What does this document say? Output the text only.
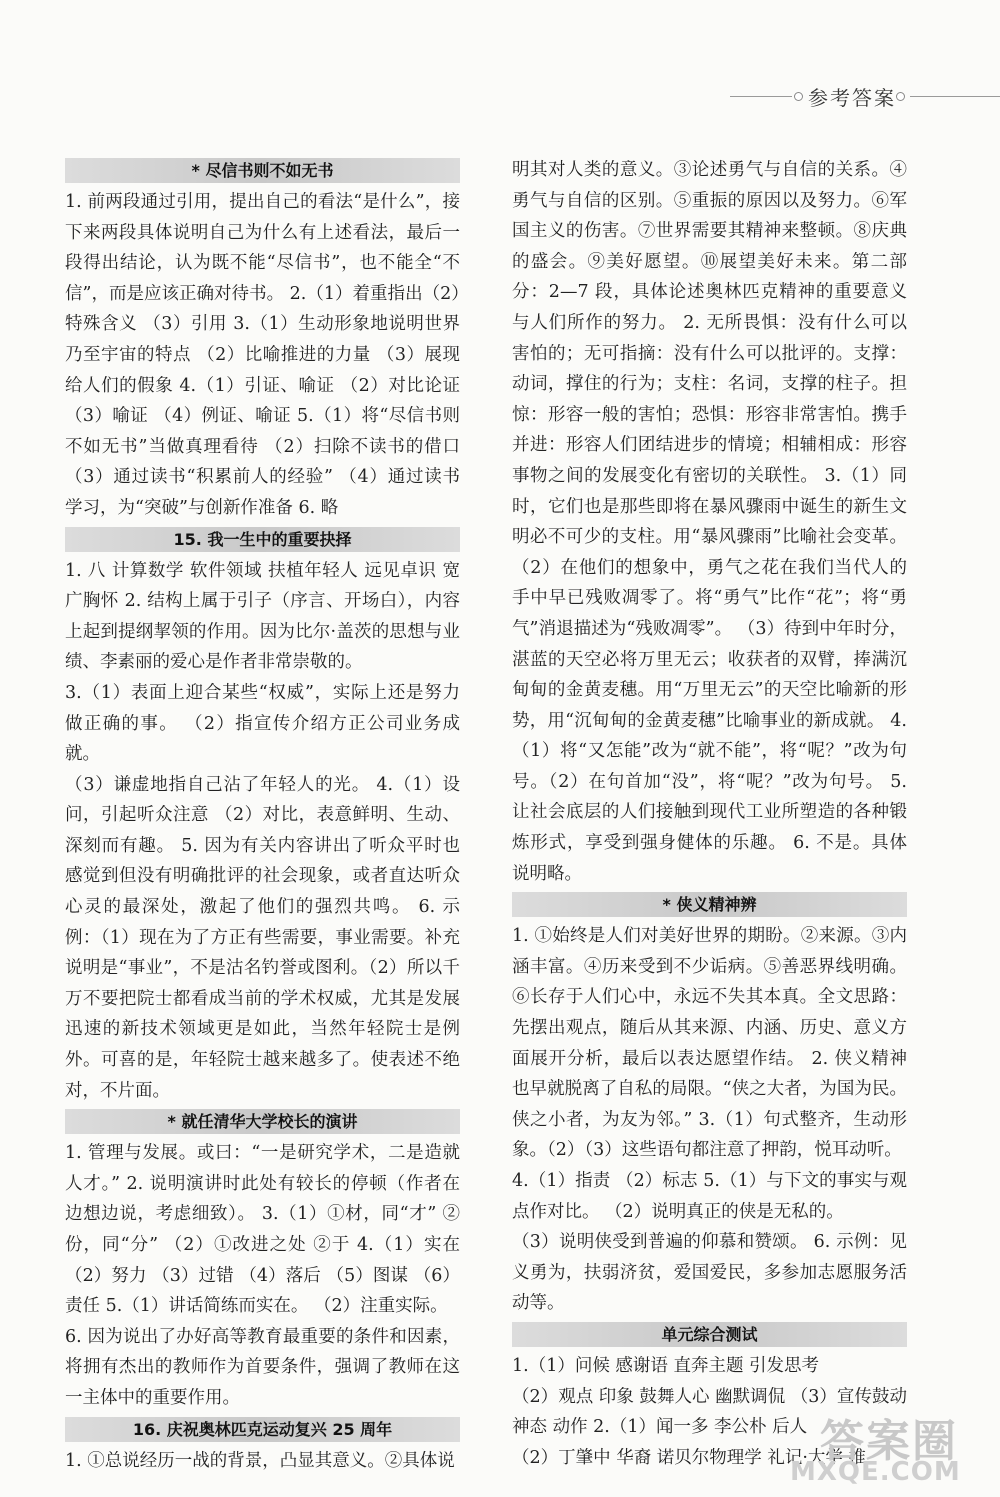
参考答案
* 尽信书则不如无书
1. 前两段通过引用，提出自己的看法“是什么”，接下来两段具体说明自己为什么有上述看法，最后一段得出结论，认为既不能“尽信书”，也不能全“不信”，而是应该正确对待书。 2.（1）着重指出（2）特殊含义 （3）引用 3.（1）生动形象地说明世界乃至宇宙的特点 （2）比喻推进的力量 （3）展现给人们的假象 4.（1）引证、喻证 （2）对比论证 （3）喻证 （4）例证、喻证 5.（1）将“尽信书则不如无书”当做真理看待 （2）扫除不读书的借口 （3）通过读书“积累前人的经验” （4）通过读书学习，为“突破”与创新作准备 6. 略
15. 我一生中的重要抉择
1. 八 计算数学 软件领域 扶植年轻人 远见卓识 宽广胸怀 2. 结构上属于引子（序言、开场白），内容上起到提纲挈领的作用。因为比尔·盖茨的思想与业绩、李素丽的爱心是作者非常崇敬的。
3.（1）表面上迎合某些“权威”，实际上还是努力做正确的事。 （2）指宣传介绍方正公司业务成就。
（3）谦虚地指自己沾了年轻人的光。 4.（1）设问，引起听众注意 （2）对比，表意鲜明、生动、深刻而有趣。 5. 因为有关内容讲出了听众平时也感觉到但没有明确批评的社会现象，或者直达听众心灵的最深处，激起了他们的强烈共鸣。 6. 示例：（1）现在为了方正有些需要，事业需要。补充说明是“事业”，不是沽名钓誉或图利。（2）所以千万不要把院士都看成当前的学术权威，尤其是发展迅速的新技术领域更是如此，当然年轻院士是例外。可喜的是，年轻院士越来越多了。使表述不绝对，不片面。
* 就任清华大学校长的演讲
1. 管理与发展。或曰：“一是研究学术，二是造就人才。” 2. 说明演讲时此处有较长的停顿（作者在边想边说，考虑细致）。 3.（1）①材，同“才” ②份，同“分” （2）①改进之处 ②于 4.（1）实在 （2）努力 （3）过错 （4）落后 （5）图谋 （6）责任 5.（1）讲话简练而实在。 （2）注重实际。
6. 因为说出了办好高等教育最重要的条件和因素，将拥有杰出的教师作为首要条件，强调了教师在这一主体中的重要作用。
16. 庆祝奥林匹克运动复兴 25 周年
1. ①总说经历一战的背景，凸显其意义。②具体说
明其对人类的意义。③论述勇气与自信的关系。④勇气与自信的区别。⑤重振的原因以及努力。⑥军国主义的伤害。⑦世界需要其精神来整顿。⑧庆典的盛会。⑨美好愿望。⑩展望美好未来。第二部分：2—7 段，具体论述奥林匹克精神的重要意义与人们所作的努力。 2. 无所畏惧：没有什么可以害怕的；无可指摘：没有什么可以批评的。支撑：动词，撑住的行为；支柱：名词，支撑的柱子。担惊：形容一般的害怕；恐惧：形容非常害怕。携手并进：形容人们团结进步的情境；相辅相成：形容事物之间的发展变化有密切的关联性。 3.（1）同时，它们也是那些即将在暴风骤雨中诞生的新生文明必不可少的支柱。用“暴风骤雨”比喻社会变革。 （2）在他们的想象中，勇气之花在我们当代人的手中早已残败凋零了。将“勇气”比作“花”；将“勇气”消退描述为“残败凋零”。 （3）待到中年时分，湛蓝的天空必将万里无云；收获者的双臂，捧满沉甸甸的金黄麦穗。用“万里无云”的天空比喻新的形势，用“沉甸甸的金黄麦穗”比喻事业的新成就。 4.（1）将“又怎能”改为“就不能”，将“呢？”改为句号。（2）在句首加“没”，将“呢？”改为句号。 5. 让社会底层的人们接触到现代工业所塑造的各种锻炼形式，享受到强身健体的乐趣。 6. 不是。具体说明略。
* 侠义精神辨
1. ①始终是人们对美好世界的期盼。②来源。③内涵丰富。④历来受到不少诟病。⑤善恶界线明确。⑥长存于人们心中，永远不失其本真。全文思路：先摆出观点，随后从其来源、内涵、历史、意义方面展开分析，最后以表达愿望作结。 2. 侠义精神也早就脱离了自私的局限。“侠之大者，为国为民。侠之小者，为友为邻。” 3.（1）句式整齐，生动形象。（2）（3）这些语句都注意了押韵，悦耳动听。
4.（1）指责 （2）标志 5.（1）与下文的事实与观点作对比。 （2）说明真正的侠是无私的。
（3）说明侠受到普遍的仰慕和赞颂。 6. 示例：见义勇为，扶弱济贫，爱国爱民，多参加志愿服务活动等。
单元综合测试
1.（1）问候 感谢语 直奔主题 引发思考
（2）观点 印象 鼓舞人心 幽默调侃 （3）宣传鼓动 神态 动作 2.（1）闻一多 李公朴 后人
（2）丁肇中 华裔 诺贝尔物理学 礼记·大学 推
答案圈
MXQE.COM
